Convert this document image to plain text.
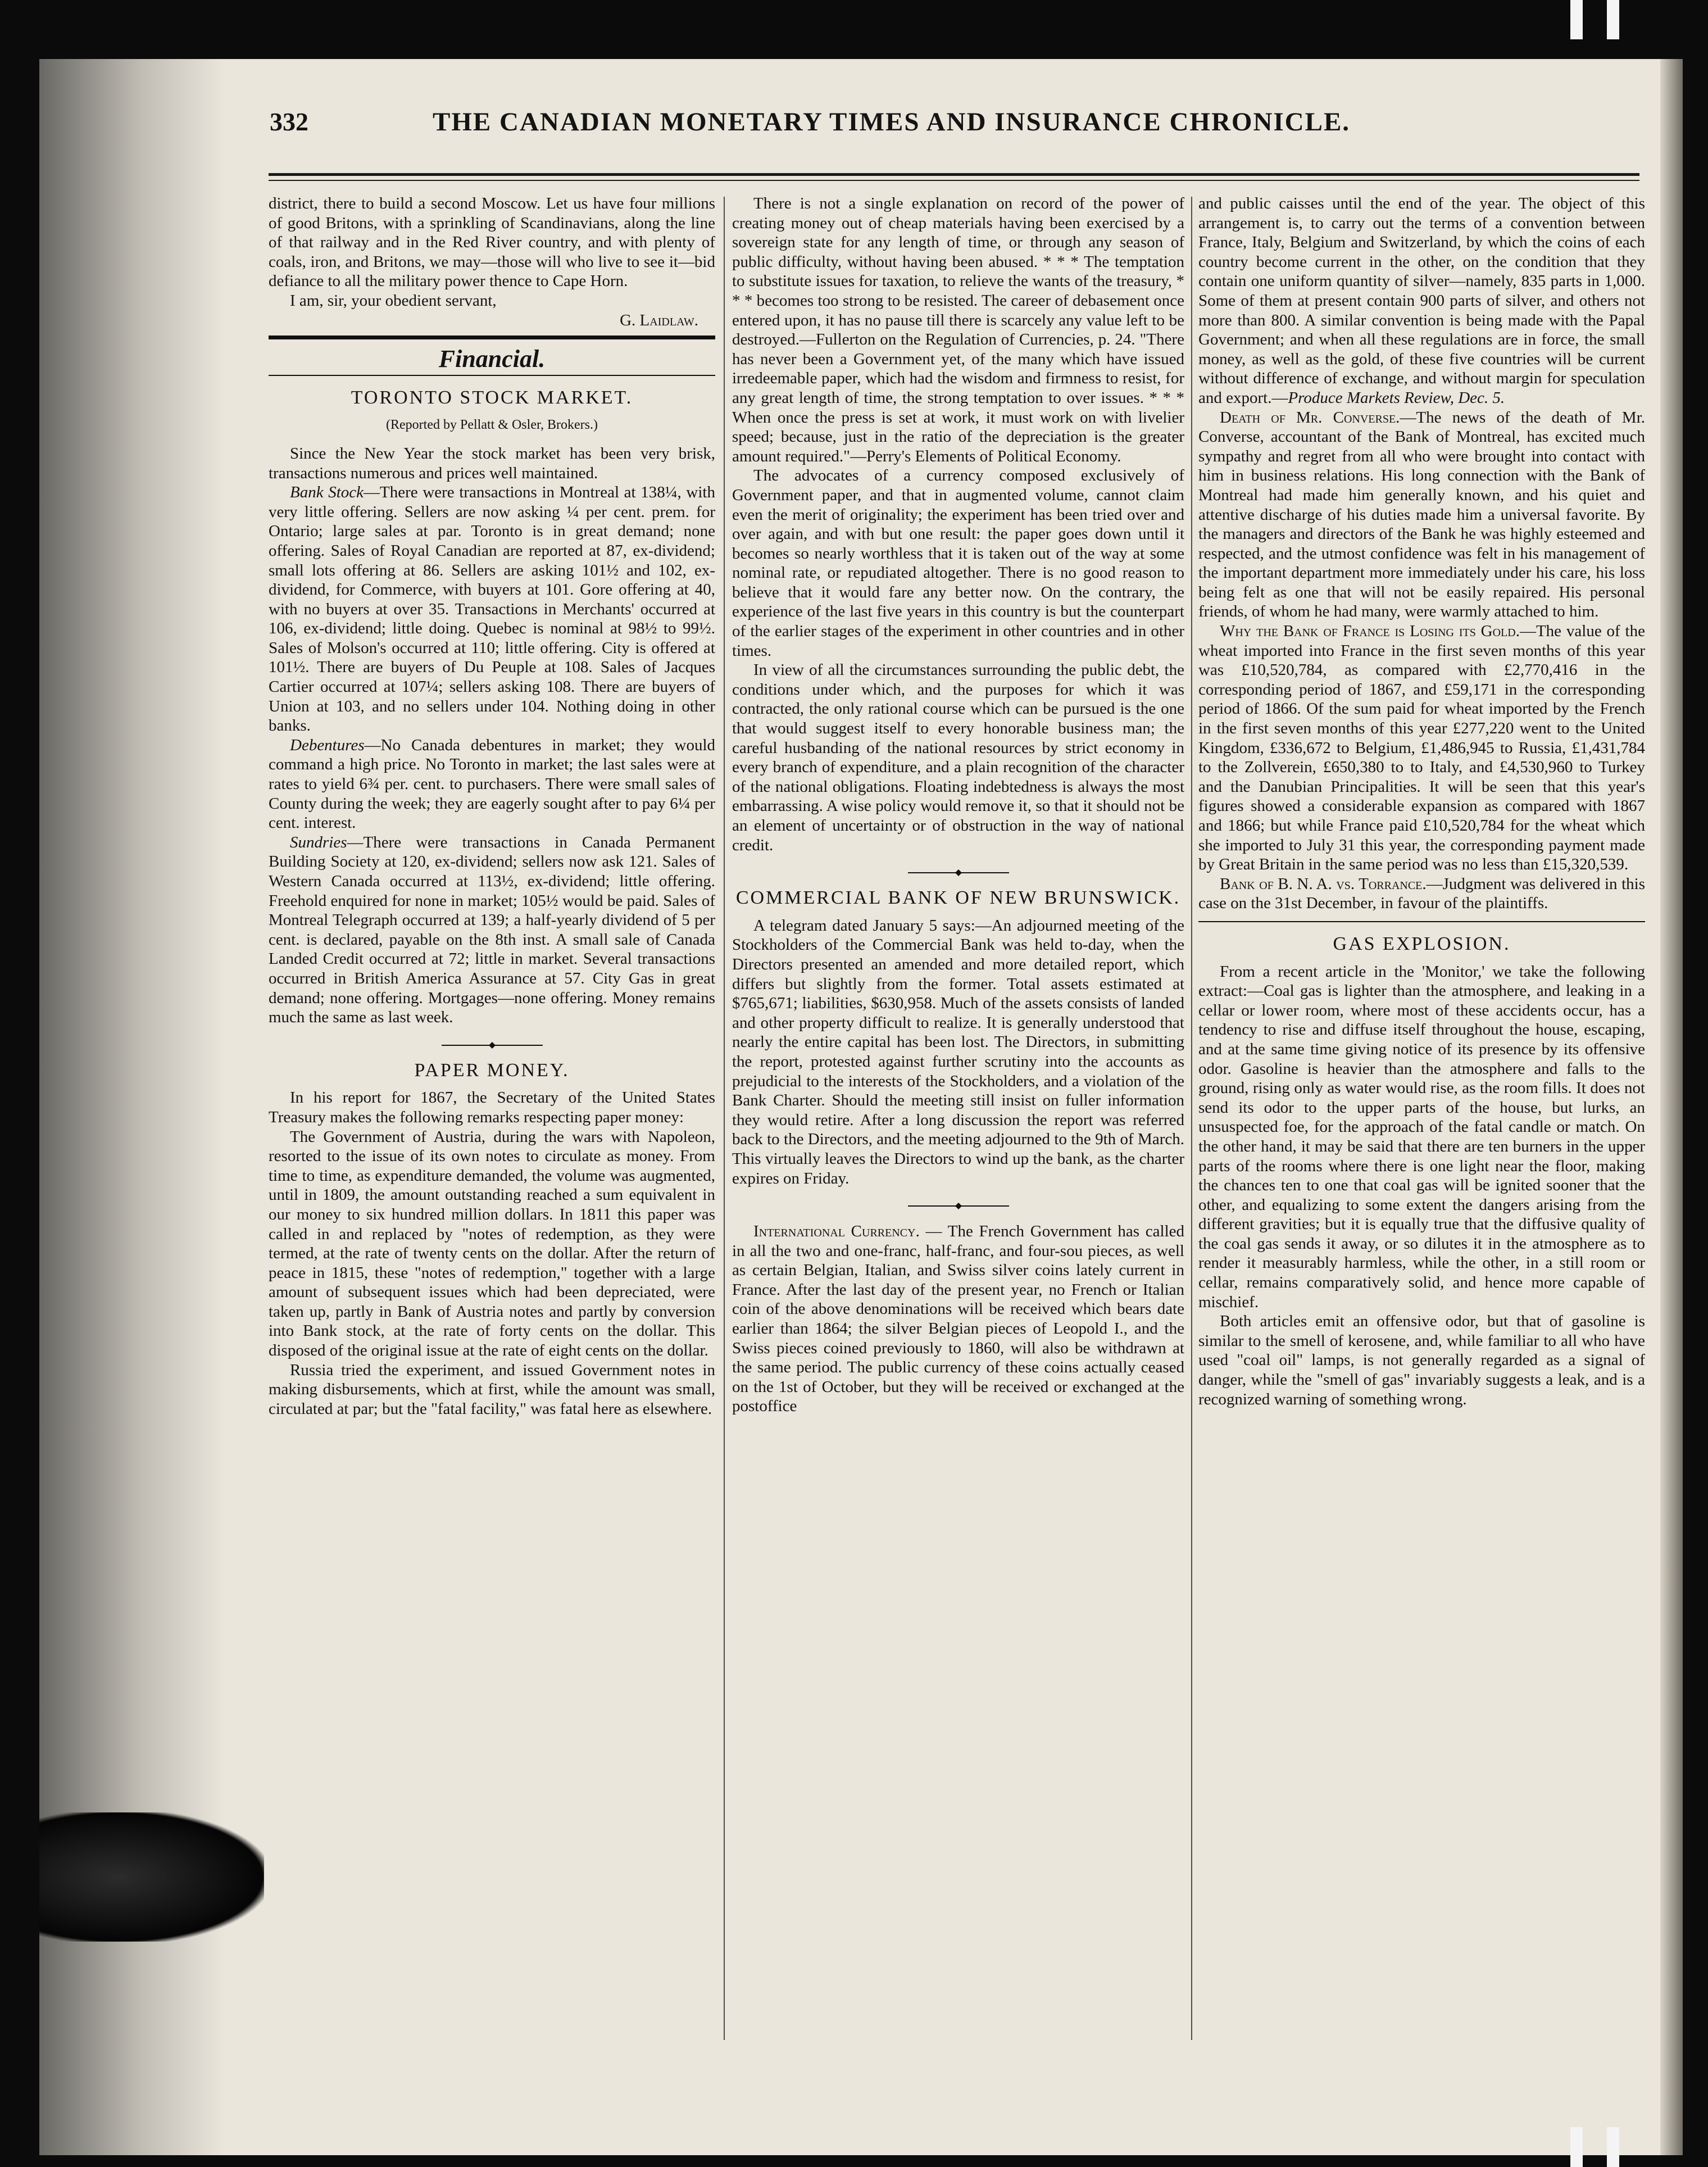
332	THE CANADIAN MONETARY TIMES AND INSURANCE CHRONICLE.

district, there to build a second Moscow. Let us have four millions of good Britons, with a sprinkling of Scandinavians, along the line of that railway and in the Red River country, and with plenty of coals, iron, and Britons, we may—those will who live to see it—bid defiance to all the military power thence to Cape Horn.

I am, sir, your obedient servant,

G. Laidlaw.

Financial.
TORONTO STOCK MARKET.
(Reported by Pellatt & Osler, Brokers.)

Since the New Year the stock market has been very brisk, transactions numerous and prices well maintained.

Bank Stock—There were transactions in Montreal at 138¼, with very little offering. Sellers are now asking ¼ per cent. prem. for Ontario; large sales at par. Toronto is in great demand; none offering. Sales of Royal Canadian are reported at 87, ex-dividend; small lots offering at 86. Sellers are asking 101½ and 102, ex-dividend, for Commerce, with buyers at 101. Gore offering at 40, with no buyers at over 35. Transactions in Merchants' occurred at 106, ex-dividend; little doing. Quebec is nominal at 98½ to 99½. Sales of Molson's occurred at 110; little offering. City is offered at 101½. There are buyers of Du Peuple at 108. Sales of Jacques Cartier occurred at 107¼; sellers asking 108. There are buyers of Union at 103, and no sellers under 104. Nothing doing in other banks.

Debentures—No Canada debentures in market; they would command a high price. No Toronto in market; the last sales were at rates to yield 6¾ per. cent. to purchasers. There were small sales of County during the week; they are eagerly sought after to pay 6¼ per cent. interest.

Sundries—There were transactions in Canada Permanent Building Society at 120, ex-dividend; sellers now ask 121. Sales of Western Canada occurred at 113½, ex-dividend; little offering. Freehold enquired for none in market; 105½ would be paid. Sales of Montreal Telegraph occurred at 139; a half-yearly dividend of 5 per cent. is declared, payable on the 8th inst. A small sale of Canada Landed Credit occurred at 72; little in market. Several transactions occurred in British America Assurance at 57. City Gas in great demand; none offering. Mortgages—none offering. Money remains much the same as last week.

PAPER MONEY.

In his report for 1867, the Secretary of the United States Treasury makes the following remarks respecting paper money:

The Government of Austria, during the wars with Napoleon, resorted to the issue of its own notes to circulate as money. From time to time, as expenditure demanded, the volume was augmented, until in 1809, the amount outstanding reached a sum equivalent in our money to six hundred million dollars. In 1811 this paper was called in and replaced by "notes of redemption, as they were termed, at the rate of twenty cents on the dollar. After the return of peace in 1815, these "notes of redemption," together with a large amount of subsequent issues which had been depreciated, were taken up, partly in Bank of Austria notes and partly by conversion into Bank stock, at the rate of forty cents on the dollar. This disposed of the original issue at the rate of eight cents on the dollar.

Russia tried the experiment, and issued Government notes in making disbursements, which at first, while the amount was small, circulated at par; but the "fatal facility," was fatal here as elsewhere.

There is not a single explanation on record of the power of creating money out of cheap materials having been exercised by a sovereign state for any length of time, or through any season of public difficulty, without having been abused. * * * The temptation to substitute issues for taxation, to relieve the wants of the treasury, * * * becomes too strong to be resisted. The career of debasement once entered upon, it has no pause till there is scarcely any value left to be destroyed.—Fullerton on the Regulation of Currencies, p. 24. "There has never been a Government yet, of the many which have issued irredeemable paper, which had the wisdom and firmness to resist, for any great length of time, the strong temptation to over issues. * * * When once the press is set at work, it must work on with livelier speed; because, just in the ratio of the depreciation is the greater amount required."—Perry's Elements of Political Economy.

The advocates of a currency composed exclusively of Government paper, and that in augmented volume, cannot claim even the merit of originality; the experiment has been tried over and over again, and with but one result: the paper goes down until it becomes so nearly worthless that it is taken out of the way at some nominal rate, or repudiated altogether. There is no good reason to believe that it would fare any better now. On the contrary, the experience of the last five years in this country is but the counterpart of the earlier stages of the experiment in other countries and in other times.

In view of all the circumstances surrounding the public debt, the conditions under which, and the purposes for which it was contracted, the only rational course which can be pursued is the one that would suggest itself to every honorable business man; the careful husbanding of the national resources by strict economy in every branch of expenditure, and a plain recognition of the character of the national obligations. Floating indebtedness is always the most embarrassing. A wise policy would remove it, so that it should not be an element of uncertainty or of obstruction in the way of national credit.

COMMERCIAL BANK OF NEW BRUNSWICK.

A telegram dated January 5 says:—An adjourned meeting of the Stockholders of the Commercial Bank was held to-day, when the Directors presented an amended and more detailed report, which differs but slightly from the former. Total assets estimated at $765,671; liabilities, $630,958. Much of the assets consists of landed and other property difficult to realize. It is generally understood that nearly the entire capital has been lost. The Directors, in submitting the report, protested against further scrutiny into the accounts as prejudicial to the interests of the Stockholders, and a violation of the Bank Charter. Should the meeting still insist on fuller information they would retire. After a long discussion the report was referred back to the Directors, and the meeting adjourned to the 9th of March. This virtually leaves the Directors to wind up the bank, as the charter expires on Friday.

International Currency. — The French Government has called in all the two and one-franc, half-franc, and four-sou pieces, as well as certain Belgian, Italian, and Swiss silver coins lately current in France. After the last day of the present year, no French or Italian coin of the above denominations will be received which bears date earlier than 1864; the silver Belgian pieces of Leopold I., and the Swiss pieces coined previously to 1860, will also be withdrawn at the same period. The public currency of these coins actually ceased on the 1st of October, but they will be received or exchanged at the postoffice

and public caisses until the end of the year. The object of this arrangement is, to carry out the terms of a convention between France, Italy, Belgium and Switzerland, by which the coins of each country become current in the other, on the condition that they contain one uniform quantity of silver—namely, 835 parts in 1,000. Some of them at present contain 900 parts of silver, and others not more than 800. A similar convention is being made with the Papal Government; and when all these regulations are in force, the small money, as well as the gold, of these five countries will be current without difference of exchange, and without margin for speculation and export.—Produce Markets Review, Dec. 5.

Death of Mr. Converse.—The news of the death of Mr. Converse, accountant of the Bank of Montreal, has excited much sympathy and regret from all who were brought into contact with him in business relations. His long connection with the Bank of Montreal had made him generally known, and his quiet and attentive discharge of his duties made him a universal favorite. By the managers and directors of the Bank he was highly esteemed and respected, and the utmost confidence was felt in his management of the important department more immediately under his care, his loss being felt as one that will not be easily repaired. His personal friends, of whom he had many, were warmly attached to him.

Why the Bank of France is Losing its Gold.—The value of the wheat imported into France in the first seven months of this year was £10,520,784, as compared with £2,770,416 in the corresponding period of 1867, and £59,171 in the corresponding period of 1866. Of the sum paid for wheat imported by the French in the first seven months of this year £277,220 went to the United Kingdom, £336,672 to Belgium, £1,486,945 to Russia, £1,431,784 to the Zollverein, £650,380 to to Italy, and £4,530,960 to Turkey and the Danubian Principalities. It will be seen that this year's figures showed a considerable expansion as compared with 1867 and 1866; but while France paid £10,520,784 for the wheat which she imported to July 31 this year, the corresponding payment made by Great Britain in the same period was no less than £15,320,539.

Bank of B. N. A. vs. Torrance.—Judgment was delivered in this case on the 31st December, in favour of the plaintiffs.

GAS EXPLOSION.

From a recent article in the 'Monitor,' we take the following extract:—Coal gas is lighter than the atmosphere, and leaking in a cellar or lower room, where most of these accidents occur, has a tendency to rise and diffuse itself throughout the house, escaping, and at the same time giving notice of its presence by its offensive odor. Gasoline is heavier than the atmosphere and falls to the ground, rising only as water would rise, as the room fills. It does not send its odor to the upper parts of the house, but lurks, an unsuspected foe, for the approach of the fatal candle or match. On the other hand, it may be said that there are ten burners in the upper parts of the rooms where there is one light near the floor, making the chances ten to one that coal gas will be ignited sooner that the other, and equalizing to some extent the dangers arising from the different gravities; but it is equally true that the diffusive quality of the coal gas sends it away, or so dilutes it in the atmosphere as to render it measurably harmless, while the other, in a still room or cellar, remains comparatively solid, and hence more capable of mischief.

Both articles emit an offensive odor, but that of gasoline is similar to the smell of kerosene, and, while familiar to all who have used "coal oil" lamps, is not generally regarded as a signal of danger, while the "smell of gas" invariably suggests a leak, and is a recognized warning of something wrong.
